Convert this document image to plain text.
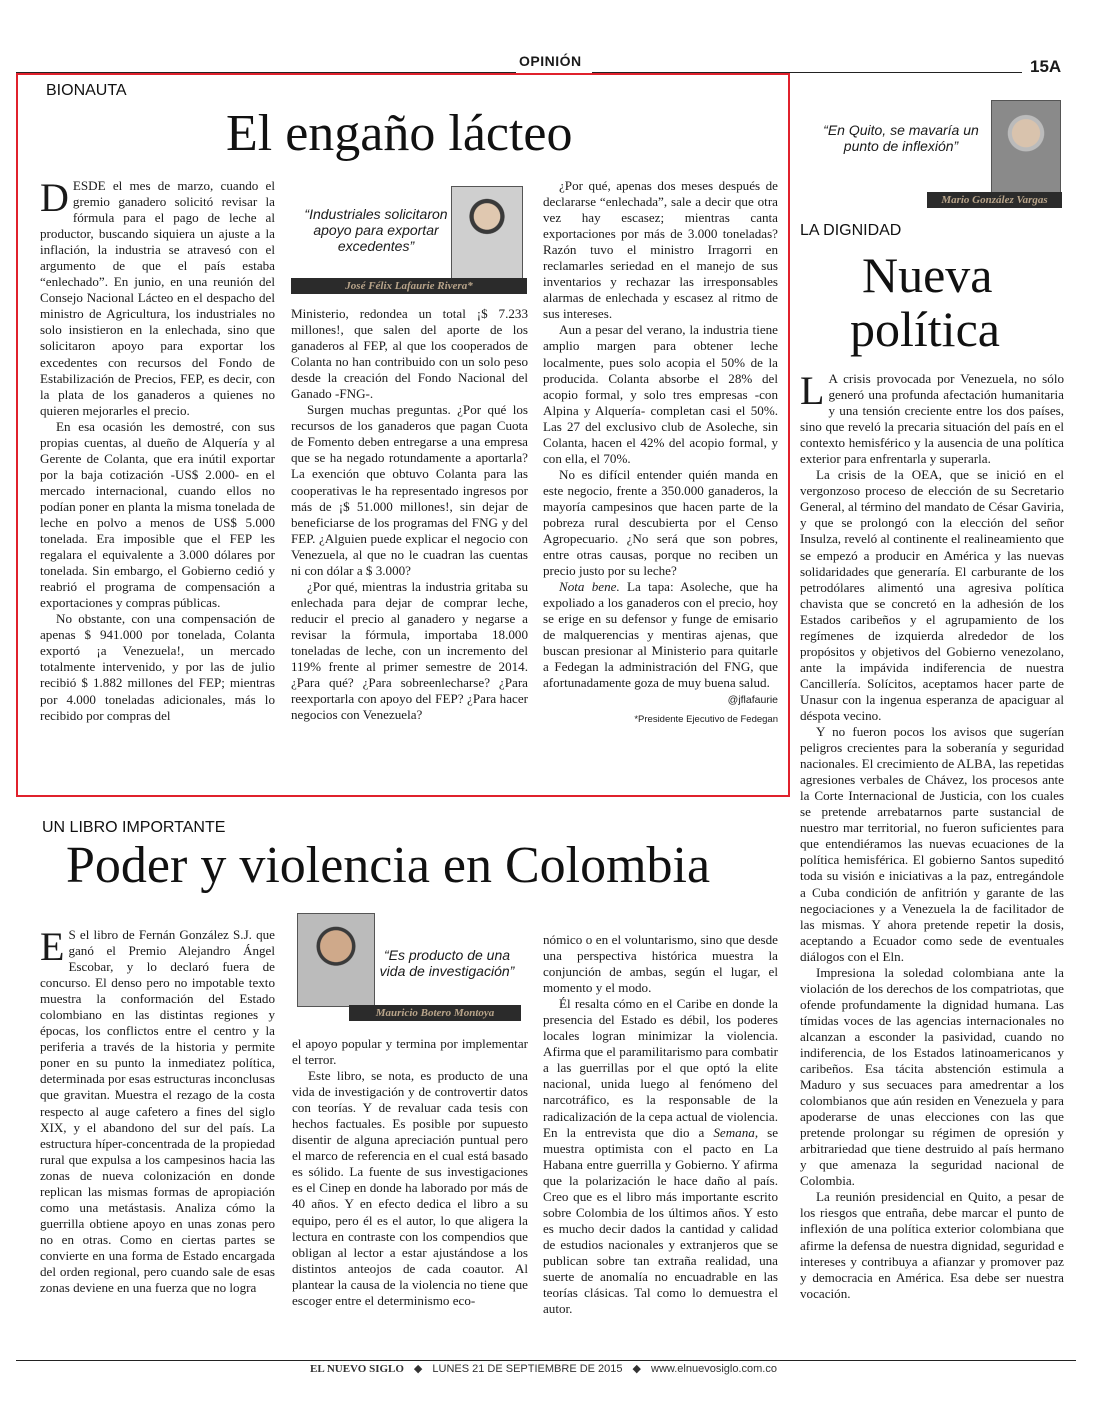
OPINIÓN	15A
BIONAUTA
El engaño lácteo

DESDE el mes de marzo, cuando el gremio ganadero solicitó revisar la fórmula para el pago de leche al productor, buscando siquiera un ajuste a la inflación, la industria se atravesó con el argumento de que el país estaba “enlechado”. En junio, en una reunión del Consejo Nacional Lácteo en el despacho del ministro de Agricultura, los industriales no solo insistieron en la enlechada, sino que solicitaron apoyo para exportar los excedentes con recursos del Fondo de Estabilización de Precios, FEP, es decir, con la plata de los ganaderos a quienes no quieren mejorarles el precio.

En esa ocasión les demostré, con sus propias cuentas, al dueño de Alquería y al Gerente de Colanta, que era inútil exportar por la baja cotización -US$ 2.000- en el mercado internacional, cuando ellos no podían poner en planta la misma tonelada de leche en polvo a menos de US$ 5.000 tonelada. Era imposible que el FEP les regalara el equivalente a 3.000 dólares por tonelada. Sin embargo, el Gobierno cedió y reabrió el programa de compensación a exportaciones y compras públicas.

No obstante, con una compensación de apenas $ 941.000 por tonelada, Colanta exportó ¡a Venezuela!, un mercado totalmente intervenido, y por las de julio recibió $ 1.882 millones del FEP; mientras por 4.000 toneladas adicionales, más lo recibido por compras del

“Industriales solicitaron apoyo para exportar excedentes”
José Félix Lafaurie Rivera*

Ministerio, redondea un total ¡$ 7.233 millones!, que salen del aporte de los ganaderos al FEP, al que los cooperados de Colanta no han contribuido con un solo peso desde la creación del Fondo Nacional del Ganado -FNG-.

Surgen muchas preguntas. ¿Por qué los recursos de los ganaderos que pagan Cuota de Fomento deben entregarse a una empresa que se ha negado rotundamente a aportarla? La exención que obtuvo Colanta para las cooperativas le ha representado ingresos por más de ¡$ 51.000 millones!, sin dejar de beneficiarse de los programas del FNG y del FEP. ¿Alguien puede explicar el negocio con Venezuela, al que no le cuadran las cuentas ni con dólar a $ 3.000?

¿Por qué, mientras la industria gritaba su enlechada para dejar de comprar leche, reducir el precio al ganadero y negarse a revisar la fórmula, importaba 18.000 toneladas de leche, con un incremento del 119% frente al primer semestre de 2014. ¿Para qué? ¿Para sobreenlecharse? ¿Para reexportarla con apoyo del FEP? ¿Para hacer negocios con Venezuela?

¿Por qué, apenas dos meses después de declararse “enlechada”, sale a decir que otra vez hay escasez; mientras canta exportaciones por más de 3.000 toneladas? Razón tuvo el ministro Irragorri en reclamarles seriedad en el manejo de sus inventarios y rechazar las irresponsables alarmas de enlechada y escasez al ritmo de sus intereses.

Aun a pesar del verano, la industria tiene amplio margen para obtener leche localmente, pues solo acopia el 50% de la producida. Colanta absorbe el 28% del acopio formal, y solo tres empresas -con Alpina y Alquería- completan casi el 50%. Las 27 del exclusivo club de Asoleche, sin Colanta, hacen el 42% del acopio formal, y con ella, el 70%.

No es difícil entender quién manda en este negocio, frente a 350.000 ganaderos, la mayoría campesinos que hacen parte de la pobreza rural descubierta por el Censo Agropecuario. ¿No será que son pobres, entre otras causas, porque no reciben un precio justo por su leche?

Nota bene. La tapa: Asoleche, que ha expoliado a los ganaderos con el precio, hoy se erige en su defensor y funge de emisario de malquerencias y mentiras ajenas, que buscan presionar al Ministerio para quitarle a Fedegan la administración del FNG, que afortunadamente goza de muy buena salud.

@jflafaurie
*Presidente Ejecutivo de Fedegan
“En Quito, se mavaría un punto de inflexión”
Mario González Vargas
LA DIGNIDAD
Nueva
política

L A crisis provocada por Venezuela, no sólo generó una profunda afectación humanitaria y una tensión creciente entre los dos países, sino que reveló la precaria situación del país en el contexto hemisférico y la ausencia de una política exterior para enfrentarla y superarla.

La crisis de la OEA, que se inició en el vergonzoso proceso de elección de su Secretario General, al término del mandato de César Gaviria, y que se prolongó con la elección del señor Insulza, reveló al continente el realineamiento que se empezó a producir en América y las nuevas solidaridades que generaría. El carburante de los petrodólares alimentó una agresiva política chavista que se concretó en la adhesión de los Estados caribeños y el agrupamiento de los regímenes de izquierda alrededor de los propósitos y objetivos del Gobierno venezolano, ante la impávida indiferencia de nuestra Cancillería. Solícitos, aceptamos hacer parte de Unasur con la ingenua esperanza de apaciguar al déspota vecino.

Y no fueron pocos los avisos que sugerían peligros crecientes para la soberanía y seguridad nacionales. El crecimiento de ALBA, las repetidas agresiones verbales de Chávez, los procesos ante la Corte Internacional de Justicia, con los cuales se pretende arrebatarnos parte sustancial de nuestro mar territorial, no fueron suficientes para que entendiéramos las nuevas ecuaciones de la política hemisférica. El gobierno Santos supeditó toda su visión e iniciativas a la paz, entregándole a Cuba condición de anfitrión y garante de las negociaciones y a Venezuela la de facilitador de las mismas. Y ahora pretende repetir la dosis, aceptando a Ecuador como sede de eventuales diálogos con el Eln.

Impresiona la soledad colombiana ante la violación de los derechos de los compatriotas, que ofende profundamente la dignidad humana. Las tímidas voces de las agencias internacionales no alcanzan a esconder la pasividad, cuando no indiferencia, de los Estados latinoamericanos y caribeños. Esa tácita abstención estimula a Maduro y sus secuaces para amedrentar a los colombianos que aún residen en Venezuela y para apoderarse de unas elecciones con las que pretende prolongar su régimen de opresión y arbitrariedad que tiene destruido al país hermano y que amenaza la seguridad nacional de Colombia.

La reunión presidencial en Quito, a pesar de los riesgos que entraña, debe marcar el punto de inflexión de una política exterior colombiana que afirme la defensa de nuestra dignidad, seguridad e intereses y contribuya a afianzar y promover paz y democracia en América. Esa debe ser nuestra vocación.

UN LIBRO IMPORTANTE
Poder y violencia en Colombia

E S el libro de Fernán González S.J. que ganó el Premio Alejandro Ángel Escobar, y lo declaró fuera de concurso. El denso pero no impotable texto muestra la conformación del Estado colombiano en las distintas regiones y épocas, los conflictos entre el centro y la periferia a través de la historia y permite poner en su punto la inmediatez política, determinada por esas estructuras inconclusas que gravitan. Muestra el rezago de la costa respecto al auge cafetero a fines del siglo XIX, y el abandono del sur del país. La estructura híper-concentrada de la propiedad rural que expulsa a los campesinos hacia las zonas de nueva colonización en donde replican las mismas formas de apropiación como una metástasis. Analiza cómo la guerrilla obtiene apoyo en unas zonas pero no en otras. Como en ciertas partes se convierte en una forma de Estado encargada del orden regional, pero cuando sale de esas zonas deviene en una fuerza que no logra

“Es producto de una vida de investigación”
Mauricio Botero Montoya

el apoyo popular y termina por implementar el terror.

Este libro, se nota, es producto de una vida de investigación y de controvertir datos con teorías. Y de revaluar cada tesis con hechos factuales. Es posible por supuesto disentir de alguna apreciación puntual pero el marco de referencia en el cual está basado es sólido. La fuente de sus investigaciones es el Cinep en donde ha laborado por más de 40 años. Y en efecto dedica el libro a su equipo, pero él es el autor, lo que aligera la lectura en contraste con los compendios que obligan al lector a estar ajustándose a los distintos anteojos de cada coautor. Al plantear la causa de la violencia no tiene que escoger entre el determinismo eco-

nómico o en el voluntarismo, sino que desde una perspectiva histórica muestra la conjunción de ambas, según el lugar, el momento y el modo.

Él resalta cómo en el Caribe en donde la presencia del Estado es débil, los poderes locales logran minimizar la violencia. Afirma que el paramilitarismo para combatir a las guerrillas por el que optó la elite nacional, unida luego al fenómeno del narcotráfico, es la responsable de la radicalización de la cepa actual de violencia. En la entrevista que dio a Semana, se muestra optimista con el pacto en La Habana entre guerrilla y Gobierno. Y afirma que la polarización le hace daño al país. Creo que es el libro más importante escrito sobre Colombia de los últimos años. Y esto es mucho decir dados la cantidad y calidad de estudios nacionales y extranjeros que se publican sobre tan extraña realidad, una suerte de anomalía no encuadrable en las teorías clásicas. Tal como lo demuestra el autor.

EL NUEVO SIGLO ◆ LUNES 21 DE SEPTIEMBRE DE 2015 ◆ www.elnuevosiglo.com.co
